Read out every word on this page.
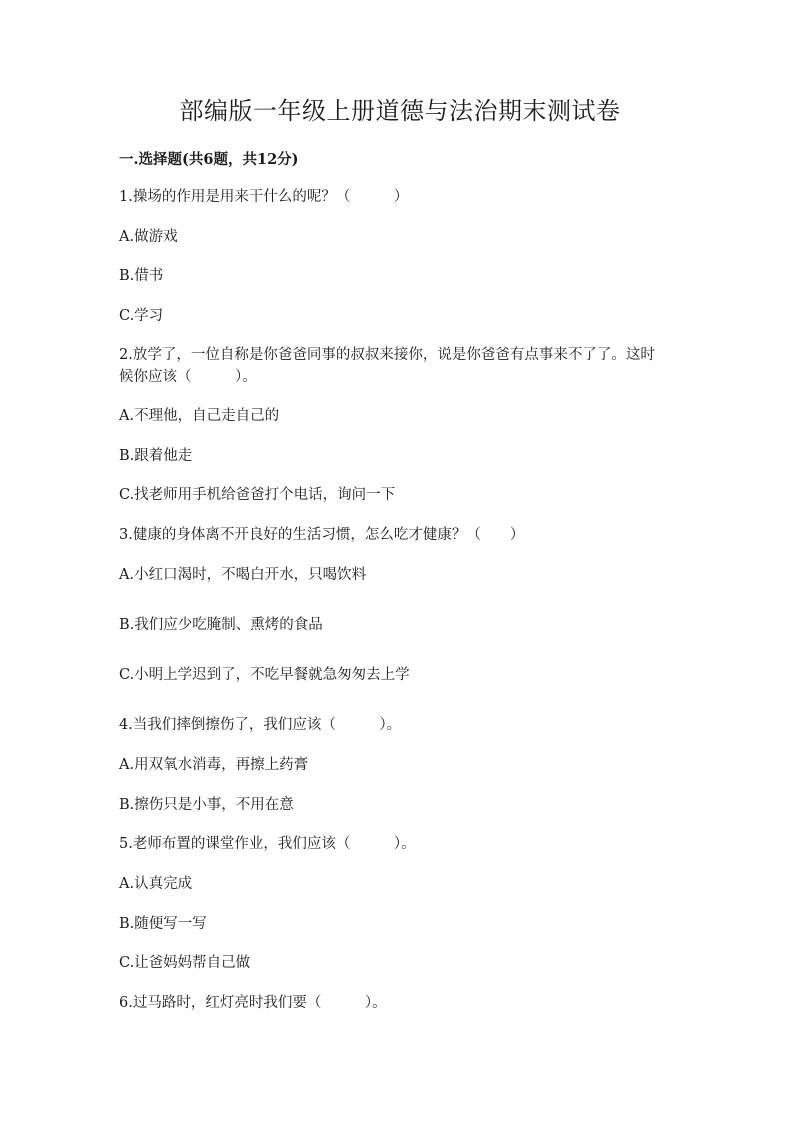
部编版一年级上册道德与法治期末测试卷
一.选择题(共6题，共12分)
1.操场的作用是用来干什么的呢？（　　　）
A.做游戏
B.借书
C.学习
2.放学了，一位自称是你爸爸同事的叔叔来接你，说是你爸爸有点事来不了了。这时候你应该（　　　）。
A.不理他，自己走自己的
B.跟着他走
C.找老师用手机给爸爸打个电话，询问一下
3.健康的身体离不开良好的生活习惯，怎么吃才健康？（　　）
A.小红口渴时，不喝白开水，只喝饮料
B.我们应少吃腌制、熏烤的食品
C.小明上学迟到了，不吃早餐就急匆匆去上学
4.当我们摔倒擦伤了，我们应该（　　　）。
A.用双氧水消毒，再擦上药膏
B.擦伤只是小事，不用在意
5.老师布置的课堂作业，我们应该（　　　）。
A.认真完成
B.随便写一写
C.让爸妈妈帮自己做
6.过马路时，红灯亮时我们要（　　　）。
